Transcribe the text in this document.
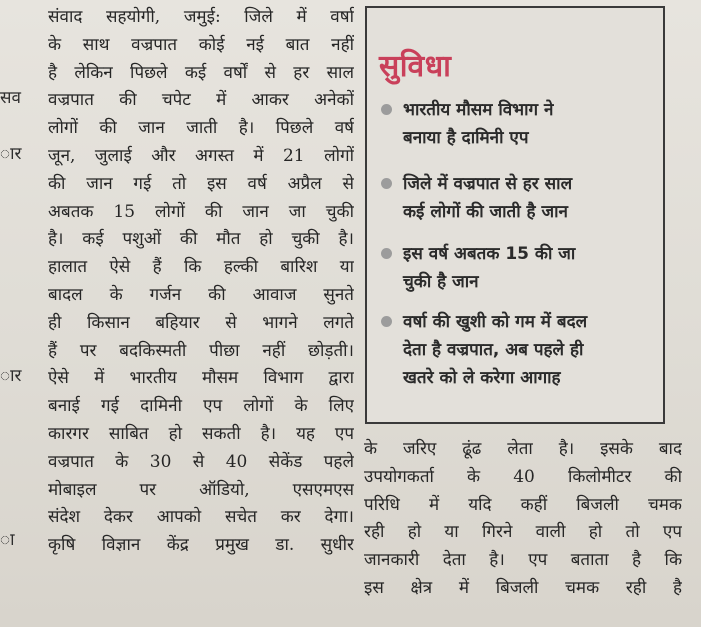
सव
ार
ार
ा
संवाद सहयोगी, जमुई: जिले में वर्षा
के साथ वज्रपात कोई नई बात नहीं
है लेकिन पिछले कई वर्षों से हर साल
वज्रपात की चपेट में आकर अनेकों
लोगों की जान जाती है। पिछले वर्ष
जून, जुलाई और अगस्त में 21 लोगों
की जान गई तो इस वर्ष अप्रैल से
अबतक 15 लोगों की जान जा चुकी
है। कई पशुओं की मौत हो चुकी है।
हालात ऐसे हैं कि हल्की बारिश या
बादल के गर्जन की आवाज सुनते
ही किसान बहियार से भागने लगते
हैं पर बदकिस्मती पीछा नहीं छोड़ती।
ऐसे में भारतीय मौसम विभाग द्वारा
बनाई गई दामिनी एप लोगों के लिए
कारगर साबित हो सकती है। यह एप
वज्रपात के 30 से 40 सेकेंड पहले
मोबाइल पर ऑडियो, एसएमएस
संदेश देकर आपको सचेत कर देगा।
कृषि विज्ञान केंद्र प्रमुख डा. सुधीर
सुविधा
भारतीय मौसम विभाग ने
बनाया है दामिनी एप
जिले में वज्रपात से हर साल
कई लोगों की जाती है जान
इस वर्ष अबतक 15 की जा
चुकी है जान
वर्षा की खुशी को गम में बदल
देता है वज्रपात, अब पहले ही
खतरे को ले करेगा आगाह
के जरिए ढूंढ लेता है। इसके बाद
उपयोगकर्ता के 40 किलोमीटर की
परिधि में यदि कहीं बिजली चमक
रही हो या गिरने वाली हो तो एप
जानकारी देता है। एप बताता है कि
इस क्षेत्र में बिजली चमक रही है
